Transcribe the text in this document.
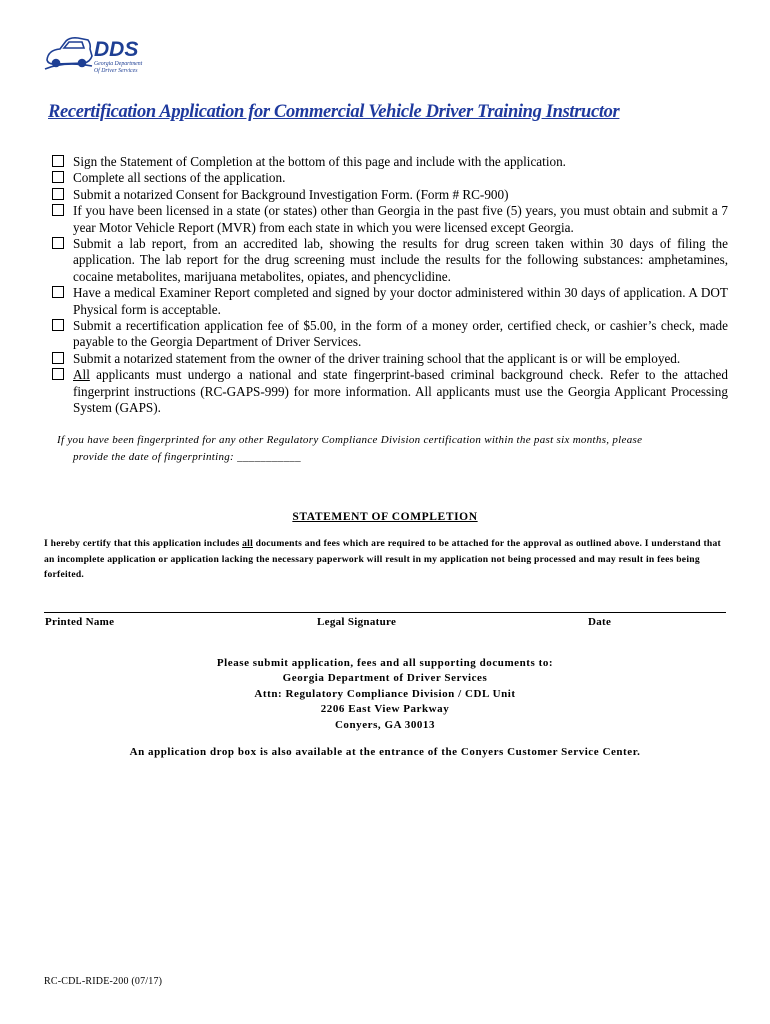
DDS
Georgia Department
Of Driver Services
Recertification Application for Commercial Vehicle Driver Training Instructor
Sign the Statement of Completion at the bottom of this page and include with the application.
Complete all sections of the application.
Submit a notarized Consent for Background Investigation Form. (Form # RC-900)
If you have been licensed in a state (or states) other than Georgia in the past five (5) years, you must obtain and submit a 7 year Motor Vehicle Report (MVR) from each state in which you were licensed except Georgia.
Submit a lab report, from an accredited lab, showing the results for drug screen taken within 30 days of filing the application. The lab report for the drug screening must include the results for the following substances: amphetamines, cocaine metabolites, marijuana metabolites, opiates, and phencyclidine.
Have a medical Examiner Report completed and signed by your doctor administered within 30 days of application. A DOT Physical form is acceptable.
Submit a recertification application fee of $5.00, in the form of a money order, certified check, or cashier’s check, made payable to the Georgia Department of Driver Services.
Submit a notarized statement from the owner of the driver training school that the applicant is or will be employed.
All applicants must undergo a national and state fingerprint-based criminal background check. Refer to the attached fingerprint instructions (RC-GAPS-999) for more information. All applicants must use the Georgia Applicant Processing System (GAPS).
If you have been fingerprinted for any other Regulatory Compliance Division certification within the past six months, please
provide the date of fingerprinting: ___________
STATEMENT OF COMPLETION
I hereby certify that this application includes all documents and fees which are required to be attached for the approval as outlined above. I understand that an incomplete application or application lacking the necessary paperwork will result in my application not being processed and may result in fees being forfeited.
Printed Name	Legal Signature	Date
Please submit application, fees and all supporting documents to:
Georgia Department of Driver Services
Attn: Regulatory Compliance Division / CDL Unit
2206 East View Parkway
Conyers, GA 30013
An application drop box is also available at the entrance of the Conyers Customer Service Center.
RC-CDL-RIDE-200 (07/17)
